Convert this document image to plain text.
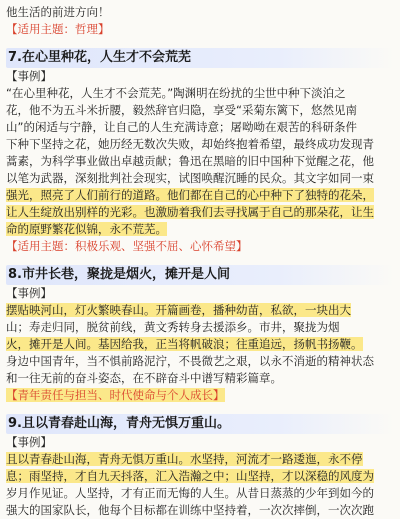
他生活的前进方向！
【适用主题：哲理】
7.在心里种花，人生才不会荒芜
【事例】
“在心里种花，人生才不会荒芜。”陶渊明在纷扰的尘世中种下淡泊之
花，他不为五斗米折腰，毅然辞官归隐，享受“采菊东篱下，悠然见南
山”的闲适与宁静，让自己的人生充满诗意；屠呦呦在艰苦的科研条件
下种下坚持之花，她历经无数次失败，却始终抱着希望，最终成功发现青
蒿素，为科学事业做出卓越贡献；鲁迅在黑暗的旧中国种下觉醒之花，他
以笔为武器，深刻批判社会现实，试图唤醒沉睡的民众。其文字如同一束
强光，照亮了人们前行的道路。他们都在自己的心中种下了独特的花朵，
让人生绽放出别样的光彩。也激励着我们去寻找属于自己的那朵花，让生
命的原野繁花似锦，永不荒芜。
【适用主题：积极乐观、坚强不屈、心怀希望】
8.市井长巷，聚拢是烟火，摊开是人间
【事例】
摆贴映河山，灯火繁映春山。开篇画卷，播种幼苗，私欲，一块出大
山；寿走归同，脱贫前线，黄文秀转身去援添乡。市井，聚拢为烟
火，摊开是人间。基因给我，正当将帆破浪；往重追远，扬帆书扬鞭。
身边中国青年，当不惧前路泥泞，不畏微艺之艰，以永不消逝的精神状态
和一往无前的奋斗姿态，在不辟奋斗中谱写精彩篇章。
【青年责任与担当、时代使命与个人成长】
9.且以青春赴山海，青舟无惧万重山。
【事例】
且以青春赴山海，青舟无惧万重山。水坚持，河流才一路逶迤，永不停
息；雨坚持，才自九天抖落，汇入浩瀚之中；山坚持，才以深稳的风度为
岁月作见证。人坚持，才有正而无悔的人生。从昔日蒸蒸的少年到如今的
强大的国家队长，他每个目标都在训练中坚持着，一次次摔倒，一次次跑
